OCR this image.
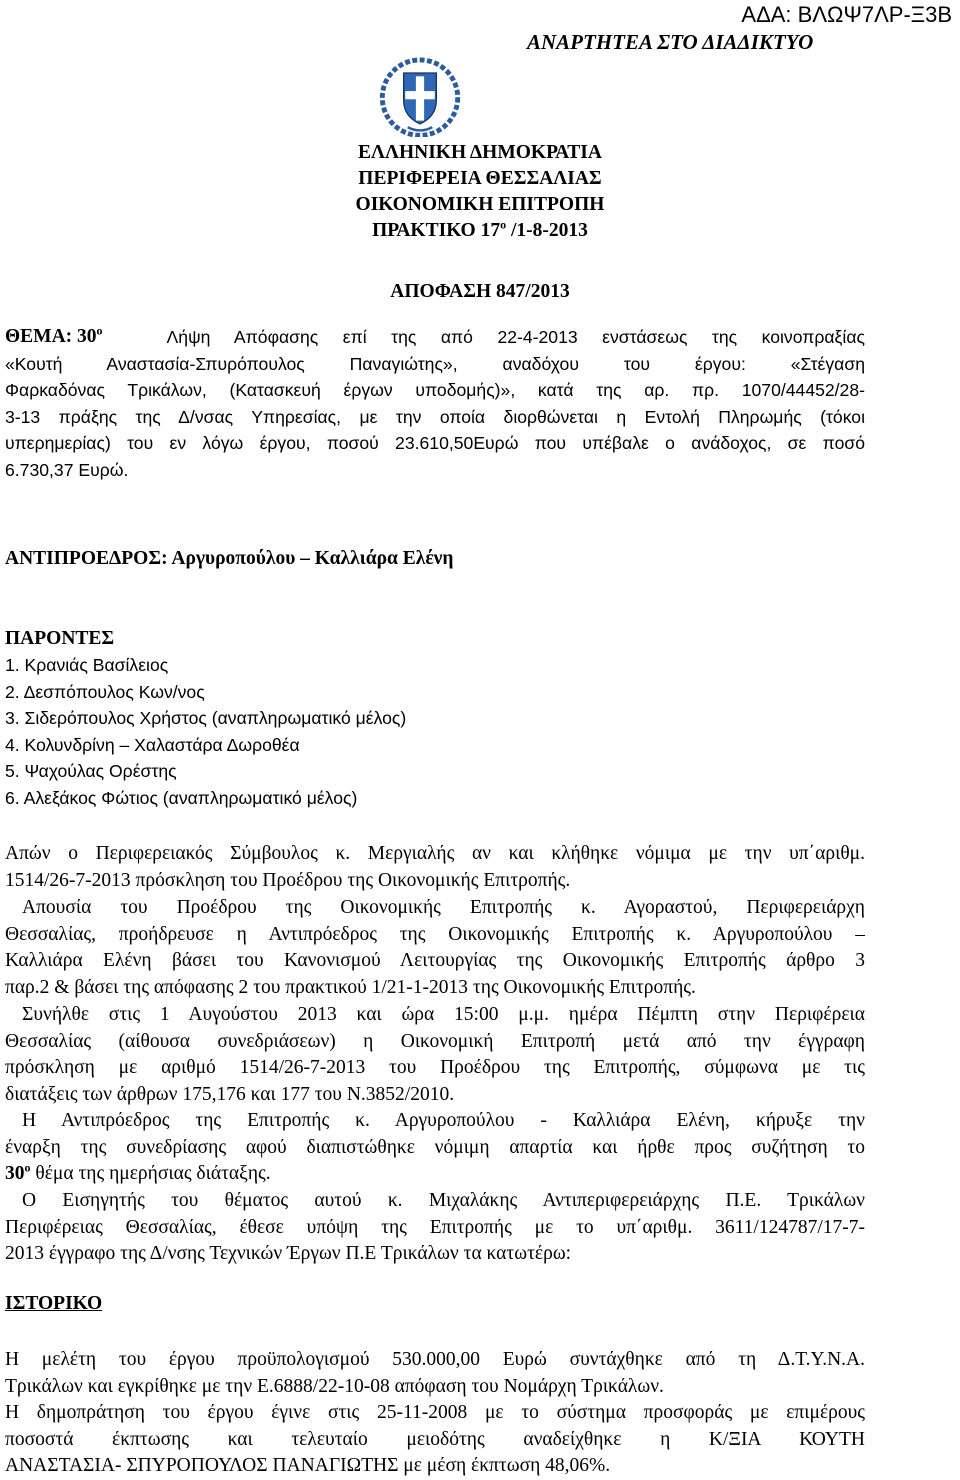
ΑΔΑ: ΒΛΩΨ7ΛΡ-Ξ3Β
ΑΝΑΡΤΗΤΕΑ ΣΤΟ ΔΙΑΔΙΚΤΥΟ
ΕΛΛΗΝΙΚΗ ΔΗΜΟΚΡΑΤΙΑ
ΠΕΡΙΦΕΡΕΙΑ ΘΕΣΣΑΛΙΑΣ
ΟΙΚΟΝΟΜΙΚΗ ΕΠΙΤΡΟΠΗ
ΠΡΑΚΤΙΚΟ $17^o$ /1-8-2013
ΑΠΟΦΑΣΗ 847/2013
ΘΕΜΑ: $30^o$	Λήψη Απόφασης επί της από 22-4-2013 ενστάσεως της κοινοπραξίας
«Κουτή Αναστασία-Σπυρόπουλος Παναγιώτης», αναδόχου του έργου: «Στέγαση
Φαρκαδόνας Τρικάλων, (Κατασκευή έργων υποδομής)», κατά της αρ. πρ. 1070/44452/28-
3-13 πράξης της Δ/νσας Υπηρεσίας, με την οποία διορθώνεται η Εντολή Πληρωμής (τόκοι
υπερημερίας) του εν λόγω έργου, ποσού 23.610,50Ευρώ που υπέβαλε ο ανάδοχος, σε ποσό
6.730,37 Ευρώ.
ΑΝΤΙΠΡΟΕΔΡΟΣ: Αργυροπούλου – Καλλιάρα Ελένη
ΠΑΡΟΝΤΕΣ
1. Κρανιάς Βασίλειος
2. Δεσπόπουλος Κων/νος
3. Σιδερόπουλος Χρήστος (αναπληρωματικό μέλος)
4. Κολυνδρίνη – Χαλαστάρα Δωροθέα
5. Ψαχούλας Ορέστης
6. Αλεξάκος Φώτιος (αναπληρωματικό μέλος)
Απών ο Περιφερειακός Σύμβουλος κ. Μεργιαλής αν και κλήθηκε νόμιμα με την υπ΄αριθμ.
1514/26-7-2013 πρόσκληση του Προέδρου της Οικονομικής Επιτροπής.
Απουσία του Προέδρου της Οικονομικής Επιτροπής κ. Αγοραστού, Περιφερειάρχη
Θεσσαλίας, προήδρευσε η Αντιπρόεδρος της Οικονομικής Επιτροπής κ. Αργυροπούλου –
Καλλιάρα Ελένη βάσει του Κανονισμού Λειτουργίας της Οικονομικής Επιτροπής άρθρο 3
παρ.2 & βάσει της απόφασης 2 του πρακτικού 1/21-1-2013 της Οικονομικής Επιτροπής.
Συνήλθε στις 1 Αυγούστου 2013 και ώρα 15:00 μ.μ. ημέρα Πέμπτη στην Περιφέρεια
Θεσσαλίας (αίθουσα συνεδριάσεων) η Οικονομική Επιτροπή μετά από την έγγραφη
πρόσκληση με αριθμό 1514/26-7-2013 του Προέδρου της Επιτροπής, σύμφωνα με τις
διατάξεις των άρθρων 175,176 και 177 του Ν.3852/2010.
Η Αντιπρόεδρος της Επιτροπής κ. Αργυροπούλου - Καλλιάρα Ελένη, κήρυξε την
έναρξη της συνεδρίασης αφού διαπιστώθηκε νόμιμη απαρτία και ήρθε προς συζήτηση το
$30^o$ θέμα της ημερήσιας διάταξης.
Ο Εισηγητής του θέματος αυτού κ. Μιχαλάκης Αντιπεριφερειάρχης Π.Ε. Τρικάλων
Περιφέρειας Θεσσαλίας, έθεσε υπόψη της Επιτροπής με το υπ΄αριθμ. 3611/124787/17-7-
2013 έγγραφο της Δ/νσης Τεχνικών Έργων Π.Ε Τρικάλων τα κατωτέρω:
ΙΣΤΟΡΙΚΟ
Η μελέτη του έργου προϋπολογισμού 530.000,00 Ευρώ συντάχθηκε από τη Δ.Τ.Υ.Ν.Α.
Τρικάλων και εγκρίθηκε με την Ε.6888/22-10-08 απόφαση του Νομάρχη Τρικάλων.
Η δημοπράτηση του έργου έγινε στις 25-11-2008 με το σύστημα προσφοράς με επιμέρους
ποσοστά έκπτωσης και τελευταίο μειοδότης αναδείχθηκε η Κ/ΞΙΑ ΚΟΥΤΗ
ΑΝΑΣΤΑΣΙΑ- ΣΠΥΡΟΠΟΥΛΟΣ ΠΑΝΑΓΙΩΤΗΣ με μέση έκπτωση 48,06%.
